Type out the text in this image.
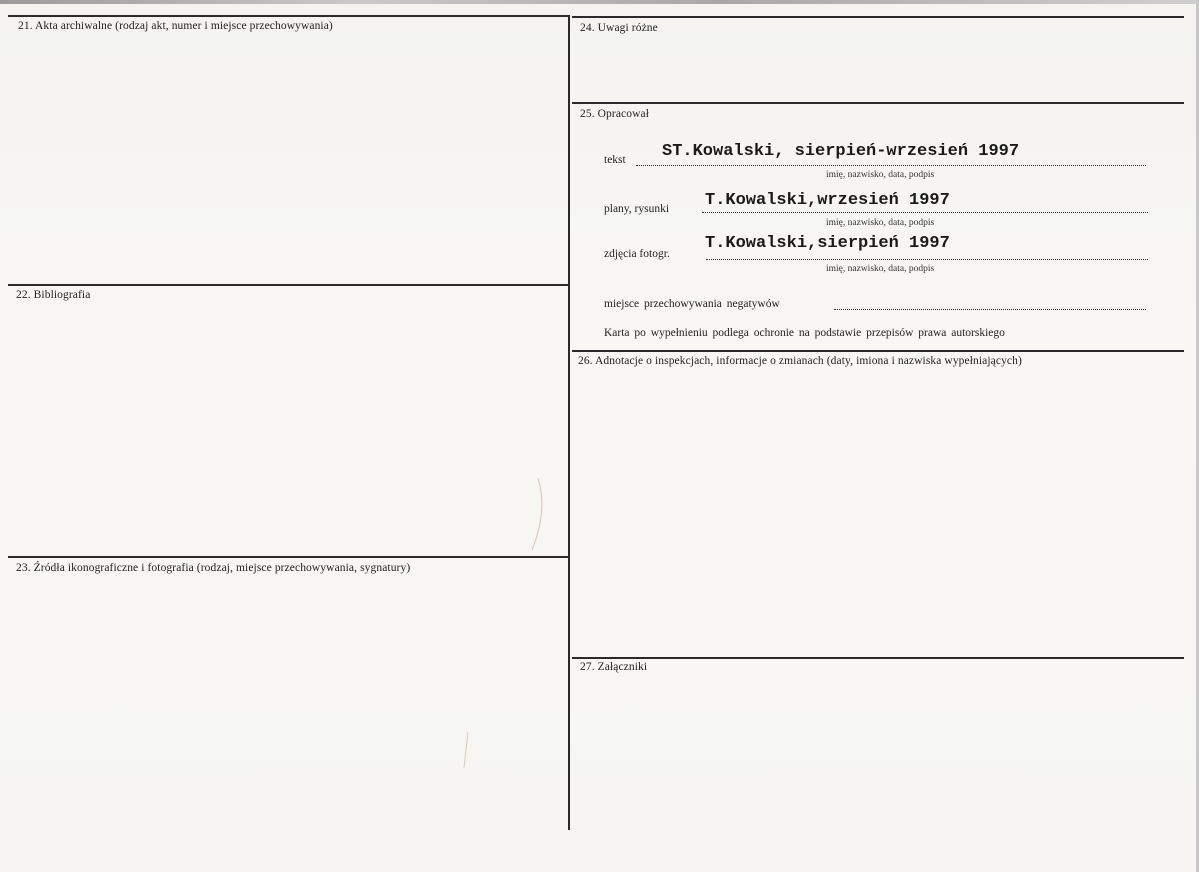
21. Akta archiwalne (rodzaj akt, numer i miejsce przechowywania)
22. Bibliografia
23. Źródła ikonograficzne i fotografia (rodzaj, miejsce przechowywania, sygnatury)
24. Uwagi różne
25. Opracował
26. Adnotacje o inspekcjach, informacje o zmianach (daty, imiona i nazwiska wypełniających)
27. Załączniki
tekst ST.Kowalski, sierpień-wrzesień 1997
imię, nazwisko, data, podpis
plany, rysunki T.Kowalski,wrzesień 1997
imię, nazwisko, data, podpis
zdjęcia fotogr.
T.Kowalski,sierpień 1997
imię, nazwisko, data, podpis
miejsce przechowywania negatywów
Karta po wypełnieniu podlega ochronie na podstawie przepisów prawa autorskiego
